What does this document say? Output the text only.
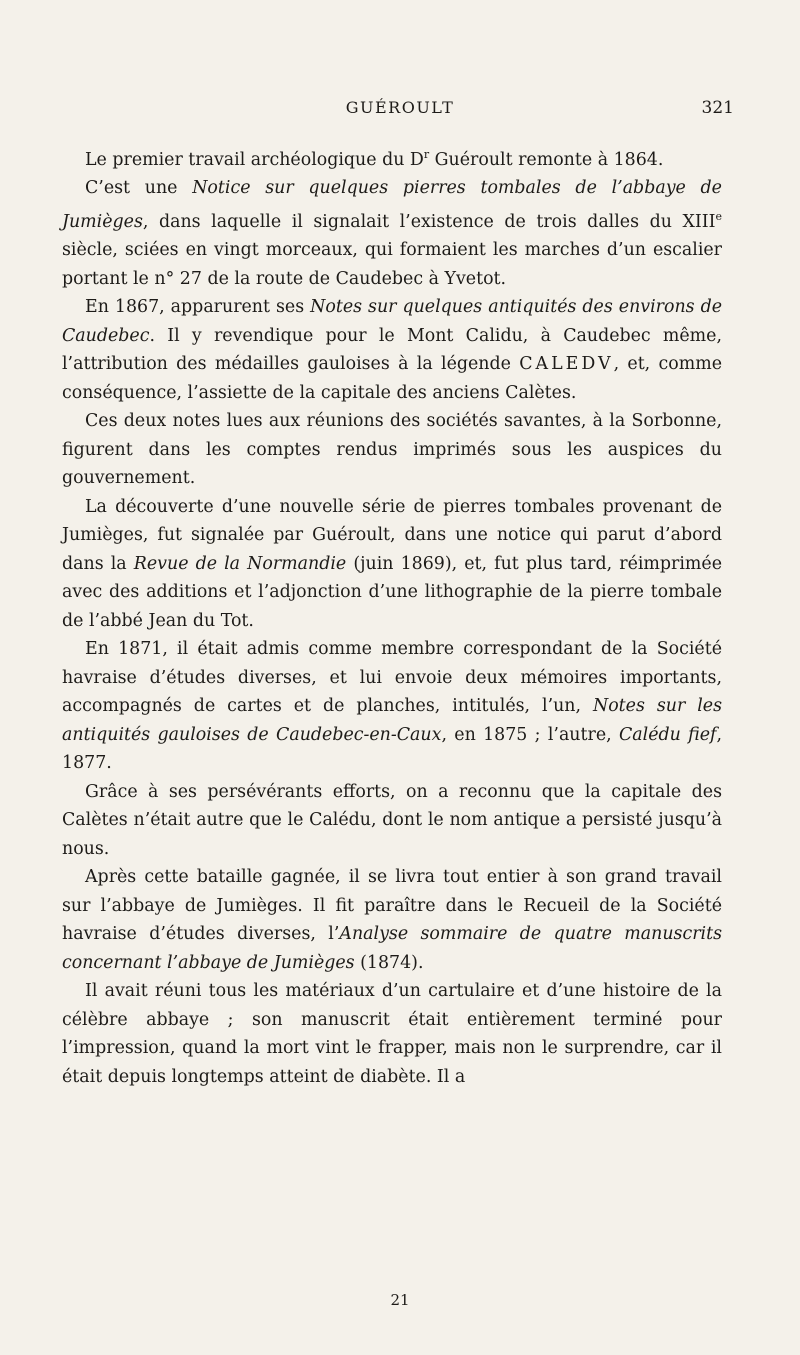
GUÉROULT	321

Le premier travail archéologique du $D^r$ Guéroult remonte à 1864.

C’est une Notice sur quelques pierres tombales de l’abbaye de Jumièges, dans laquelle il signalait l’existence de trois dalles du XIIIe siècle, sciées en vingt morceaux, qui formaient les marches d’un escalier portant le n° 27 de la route de Caudebec à Yvetot.

En 1867, apparurent ses Notes sur quelques antiquités des environs de Caudebec. Il y revendique pour le Mont Calidu, à Caudebec même, l’attribution des médailles gauloises à la légende CALEDV, et, comme conséquence, l’assiette de la capitale des anciens Calètes.

Ces deux notes lues aux réunions des sociétés savantes, à la Sorbonne, figurent dans les comptes rendus imprimés sous les auspices du gouvernement.

La découverte d’une nouvelle série de pierres tombales provenant de Jumièges, fut signalée par Guéroult, dans une notice qui parut d’abord dans la Revue de la Normandie (juin 1869), et, fut plus tard, réimprimée avec des additions et l’adjonction d’une lithographie de la pierre tombale de l’abbé Jean du Tot.

En 1871, il était admis comme membre correspondant de la Société havraise d’études diverses, et lui envoie deux mémoires importants, accompagnés de cartes et de planches, intitulés, l’un, Notes sur les antiquités gauloises de Caudebec-en-Caux, en 1875 ; l’autre, Calédu fief, 1877.

Grâce à ses persévérants efforts, on a reconnu que la capitale des Calètes n’était autre que le Calédu, dont le nom antique a persisté jusqu’à nous.

Après cette bataille gagnée, il se livra tout entier à son grand travail sur l’abbaye de Jumièges. Il fit paraître dans le Recueil de la Société havraise d’études diverses, l’Analyse sommaire de quatre manuscrits concernant l’abbaye de Jumièges (1874).

Il avait réuni tous les matériaux d’un cartulaire et d’une histoire de la célèbre abbaye ; son manuscrit était entièrement terminé pour l’impression, quand la mort vint le frapper, mais non le surprendre, car il était depuis longtemps atteint de diabète. Il a

21
